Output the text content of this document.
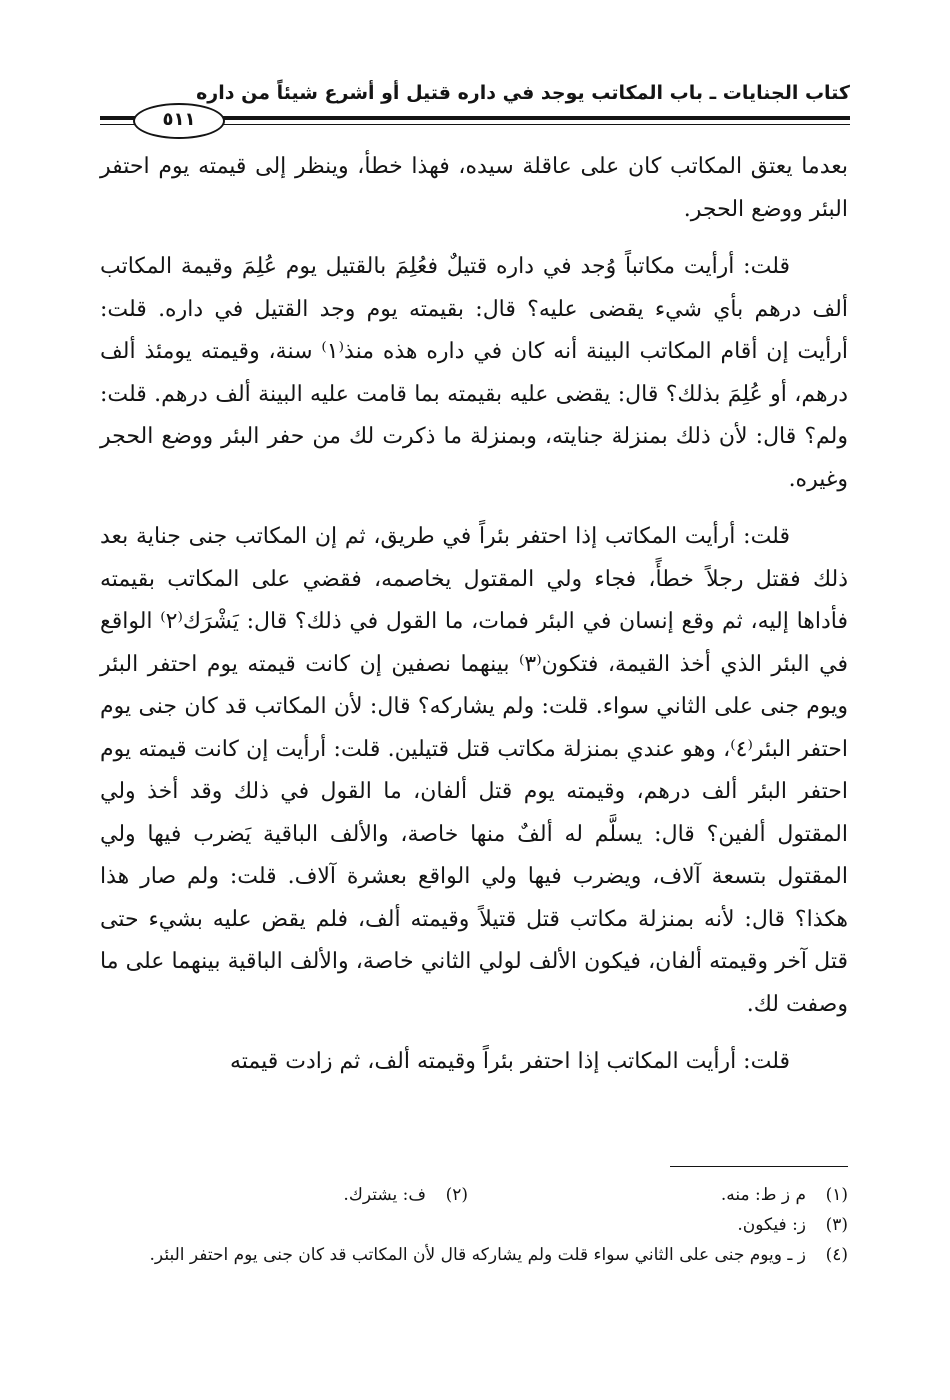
كتاب الجنايات ـ باب المكاتب يوجد في داره قتيل أو أشرع شيئاً من داره
٥١١

بعدما يعتق المكاتب كان على عاقلة سيده، فهذا خطأ، وينظر إلى قيمته يوم احتفر البئر ووضع الحجر.

قلت: أرأيت مكاتباً وُجد في داره قتيلٌ فعُلِمَ بالقتيل يوم عُلِمَ وقيمة المكاتب ألف درهم بأي شيء يقضى عليه؟ قال: بقيمته يوم وجد القتيل في داره. قلت: أرأيت إن أقام المكاتب البينة أنه كان في داره هذه منذ⁽١⁾ سنة، وقيمته يومئذ ألف درهم، أو عُلِمَ بذلك؟ قال: يقضى عليه بقيمته بما قامت عليه البينة ألف درهم. قلت: ولم؟ قال: لأن ذلك بمنزلة جنايته، وبمنزلة ما ذكرت لك من حفر البئر ووضع الحجر وغيره.

قلت: أرأيت المكاتب إذا احتفر بئراً في طريق، ثم إن المكاتب جنى جناية بعد ذلك فقتل رجلاً خطأً، فجاء ولي المقتول يخاصمه، فقضي على المكاتب بقيمته فأداها إليه، ثم وقع إنسان في البئر فمات، ما القول في ذلك؟ قال: يَشْرَك⁽٢⁾ الواقع في البئر الذي أخذ القيمة، فتكون⁽٣⁾ بينهما نصفين إن كانت قيمته يوم احتفر البئر ويوم جنى على الثاني سواء. قلت: ولم يشاركه؟ قال: لأن المكاتب قد كان جنى يوم احتفر البئر⁽٤⁾، وهو عندي بمنزلة مكاتب قتل قتيلين. قلت: أرأيت إن كانت قيمته يوم احتفر البئر ألف درهم، وقيمته يوم قتل ألفان، ما القول في ذلك وقد أخذ ولي المقتول ألفين؟ قال: يسلَّم له ألفٌ منها خاصة، والألف الباقية يَضرب فيها ولي المقتول بتسعة آلاف، ويضرب فيها ولي الواقع بعشرة آلاف. قلت: ولم صار هذا هكذا؟ قال: لأنه بمنزلة مكاتب قتل قتيلاً وقيمته ألف، فلم يقض عليه بشيء حتى قتل آخر وقيمته ألفان، فيكون الألف لولي الثاني خاصة، والألف الباقية بينهما على ما وصفت لك.

قلت: أرأيت المكاتب إذا احتفر بئراً وقيمته ألف، ثم زادت قيمته

(١)
م ز ط: منه.
(٢)
ف: يشترك.
(٣)
ز: فيكون.
(٤)
ز ـ ويوم جنى على الثاني سواء قلت ولم يشاركه قال لأن المكاتب قد كان جنى يوم احتفر البئر.
